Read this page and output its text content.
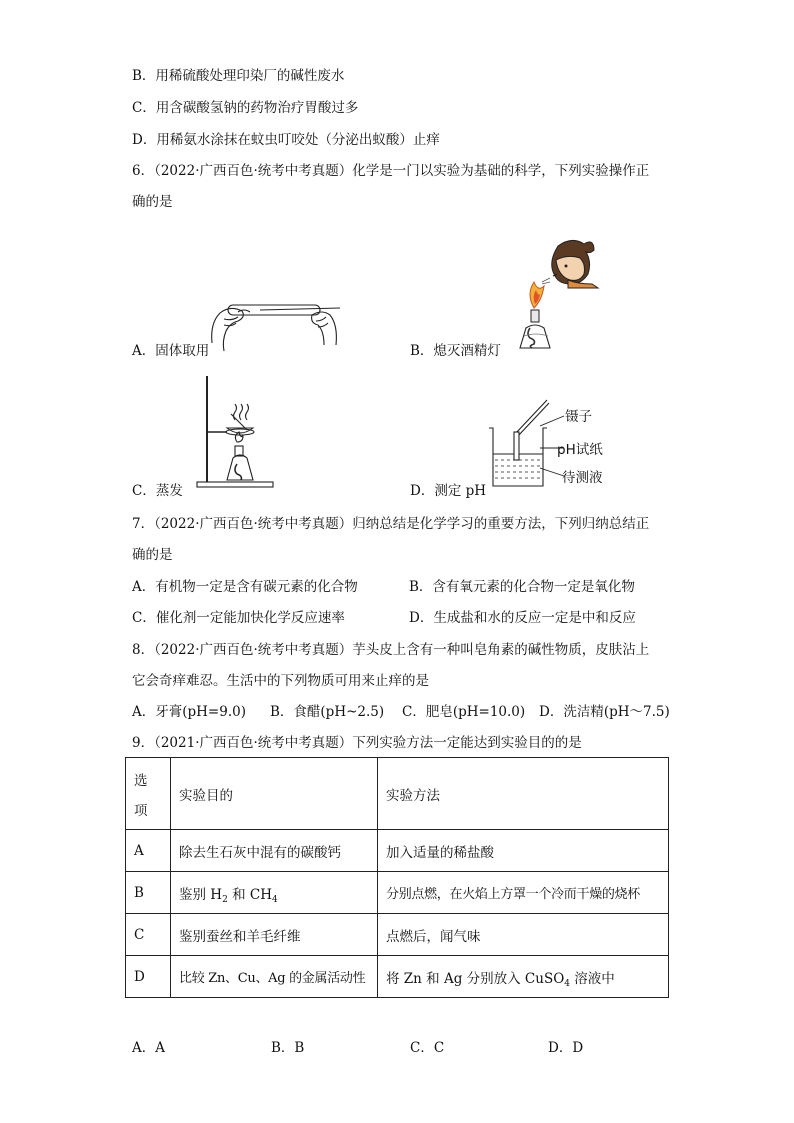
B．用稀硫酸处理印染厂的碱性废水
C．用含碳酸氢钠的药物治疗胃酸过多
D．用稀氨水涂抹在蚊虫叮咬处（分泌出蚁酸）止痒
6．（2022·广西百色·统考中考真题）化学是一门以实验为基础的科学，下列实验操作正
确的是
A．固体取用	B．熄灭酒精灯
C．蒸发
镊子
pH试纸
待测液
D．测定 pH
7．（2022·广西百色·统考中考真题）归纳总结是化学学习的重要方法，下列归纳总结正
确的是
A．有机物一定是含有碳元素的化合物	B．含有氧元素的化合物一定是氧化物
C．催化剂一定能加快化学反应速率	D．生成盐和水的反应一定是中和反应
8．（2022·广西百色·统考中考真题）芋头皮上含有一种叫皂角素的碱性物质，皮肤沾上
它会奇痒难忍。生活中的下列物质可用来止痒的是
A．牙膏(pH=9.0) B．食醋(pH~2.5) C．肥皂(pH=10.0) D．洗洁精(pH～7.5)
9．（2021·广西百色·统考中考真题）下列实验方法一定能达到实验目的的是
选
项	实验目的	实验方法
A	除去生石灰中混有的碳酸钙	加入适量的稀盐酸
B	鉴别 $H_2$ 和 $CH_4$	分别点燃，在火焰上方罩一个冷而干燥的烧杯
C	鉴别蚕丝和羊毛纤维	点燃后，闻气味
D	比较 Zn、Cu、Ag 的金属活动性	将 Zn 和 Ag 分别放入 CuSO$_4$ 溶液中
A．A	B．B	C．C	D．D
